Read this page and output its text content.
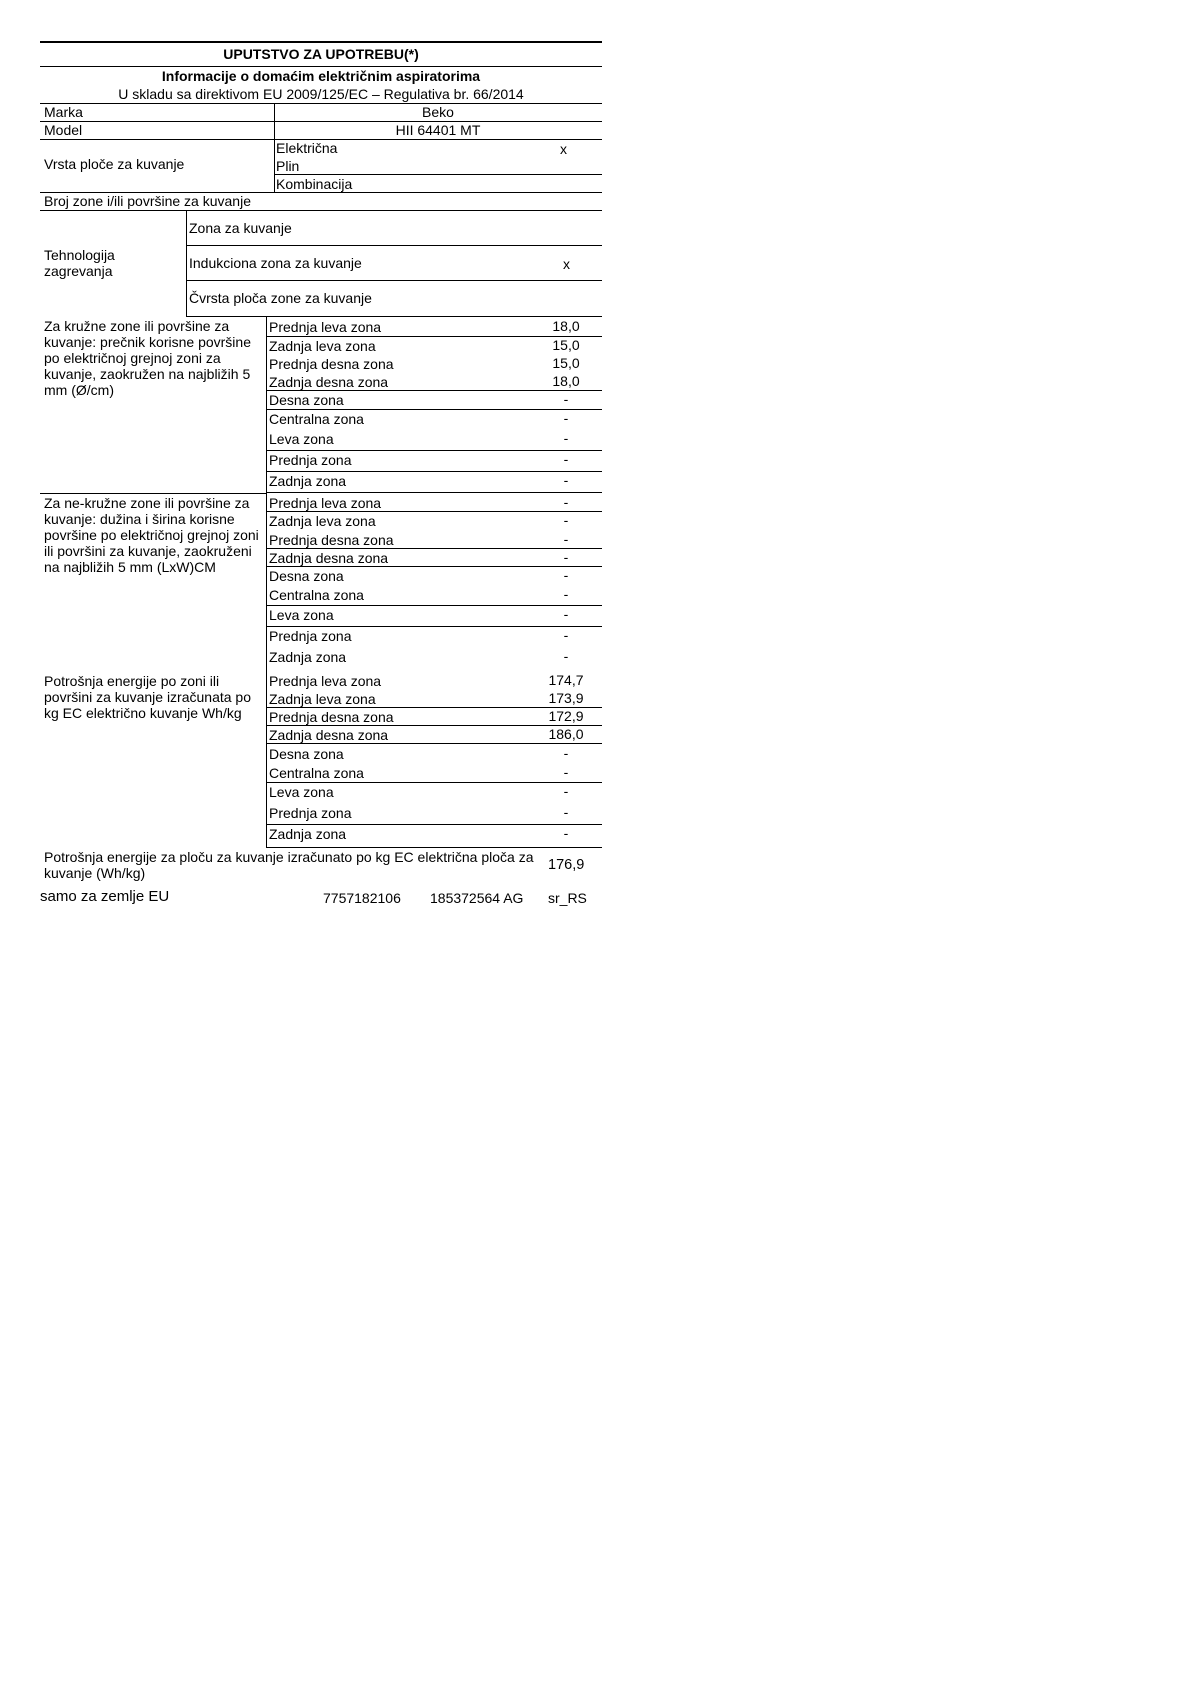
UPUTSTVO ZA UPOTREBU(*)
Informacije o domaćim električnim aspiratorima
U skladu sa direktivom EU 2009/125/EC – Regulativa br. 66/2014
Marka	Beko
Model	HII 64401 MT
Vrsta ploče za kuvanje
Električna	x
Plin
Kombinacija
Broj zone i/ili površine za kuvanje
Tehnologija zagrevanja
Zona za kuvanje
Indukciona zona za kuvanje	x
Čvrsta ploča zone za kuvanje
Za kružne zone ili površine za kuvanje: prečnik korisne površine po električnoj grejnoj zoni za kuvanje, zaokružen na najbližih 5 mm (Ø/cm)
Za ne-kružne zone ili površine za kuvanje: dužina i širina korisne površine po električnoj grejnoj zoni ili površini za kuvanje, zaokruženi na najbližih 5 mm (LxW)CM
Potrošnja energije po zoni ili površini za kuvanje izračunata po kg EC električno kuvanje Wh/kg
Prednja leva zona	18,0
Zadnja leva zona	15,0
Prednja desna zona	15,0
Zadnja desna zona	18,0
Desna zona	-
Centralna zona	-
Leva zona	-
Prednja zona	-
Zadnja zona	-
Prednja leva zona	-
Zadnja leva zona	-
Prednja desna zona	-
Zadnja desna zona	-
Desna zona	-
Centralna zona	-
Leva zona	-
Prednja zona	-
Zadnja zona	-
Prednja leva zona	174,7
Zadnja leva zona	173,9
Prednja desna zona	172,9
Zadnja desna zona	186,0
Desna zona	-
Centralna zona	-
Leva zona	-
Prednja zona	-
Zadnja zona	-
Potrošnja energije za ploču za kuvanje izračunato po kg EC električna ploča za kuvanje (Wh/kg)	176,9
samo za zemlje EU	7757182106 185372564 AG sr_RS
